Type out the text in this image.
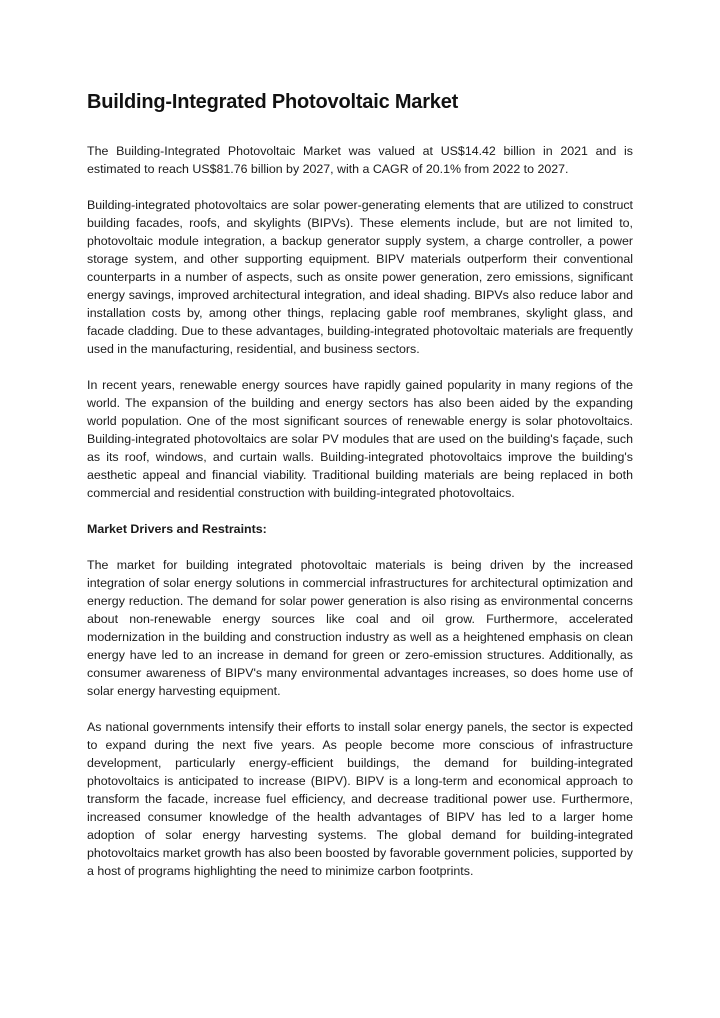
Building-Integrated Photovoltaic Market

The Building-Integrated Photovoltaic Market was valued at US$14.42 billion in 2021 and is estimated to reach US$81.76 billion by 2027, with a CAGR of 20.1% from 2022 to 2027.

Building-integrated photovoltaics are solar power-generating elements that are utilized to construct building facades, roofs, and skylights (BIPVs). These elements include, but are not limited to, photovoltaic module integration, a backup generator supply system, a charge controller, a power storage system, and other supporting equipment. BIPV materials outperform their conventional counterparts in a number of aspects, such as onsite power generation, zero emissions, significant energy savings, improved architectural integration, and ideal shading. BIPVs also reduce labor and installation costs by, among other things, replacing gable roof membranes, skylight glass, and facade cladding. Due to these advantages, building-integrated photovoltaic materials are frequently used in the manufacturing, residential, and business sectors.

In recent years, renewable energy sources have rapidly gained popularity in many regions of the world. The expansion of the building and energy sectors has also been aided by the expanding world population. One of the most significant sources of renewable energy is solar photovoltaics. Building-integrated photovoltaics are solar PV modules that are used on the building's façade, such as its roof, windows, and curtain walls. Building-integrated photovoltaics improve the building's aesthetic appeal and financial viability. Traditional building materials are being replaced in both commercial and residential construction with building-integrated photovoltaics.

Market Drivers and Restraints:

The market for building integrated photovoltaic materials is being driven by the increased integration of solar energy solutions in commercial infrastructures for architectural optimization and energy reduction. The demand for solar power generation is also rising as environmental concerns about non-renewable energy sources like coal and oil grow. Furthermore, accelerated modernization in the building and construction industry as well as a heightened emphasis on clean energy have led to an increase in demand for green or zero-emission structures. Additionally, as consumer awareness of BIPV's many environmental advantages increases, so does home use of solar energy harvesting equipment.

As national governments intensify their efforts to install solar energy panels, the sector is expected to expand during the next five years. As people become more conscious of infrastructure development, particularly energy-efficient buildings, the demand for building-integrated photovoltaics is anticipated to increase (BIPV). BIPV is a long-term and economical approach to transform the facade, increase fuel efficiency, and decrease traditional power use. Furthermore, increased consumer knowledge of the health advantages of BIPV has led to a larger home adoption of solar energy harvesting systems. The global demand for building-integrated photovoltaics market growth has also been boosted by favorable government policies, supported by a host of programs highlighting the need to minimize carbon footprints.
